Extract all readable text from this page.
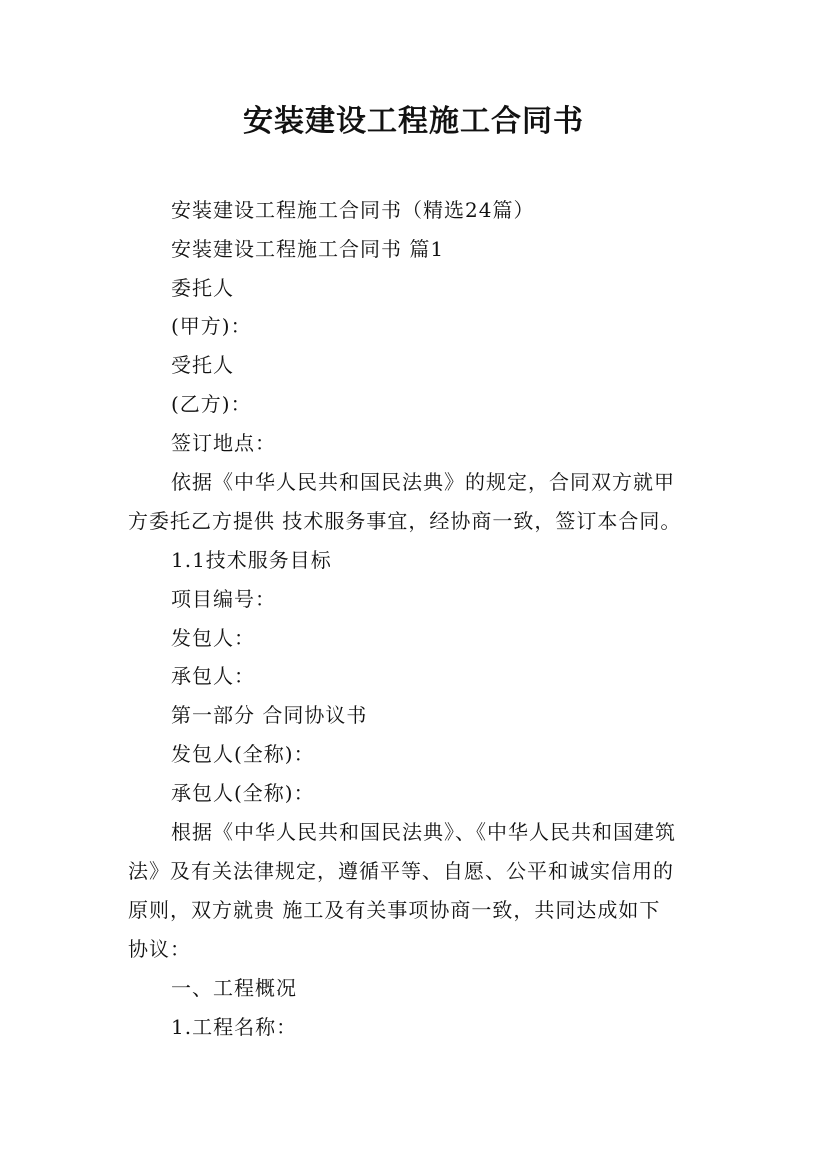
安装建设工程施工合同书
安装建设工程施工合同书（精选24篇）
安装建设工程施工合同书 篇1
委托人
(甲方)：
受托人
(乙方)：
签订地点：
依据《中华人民共和国民法典》的规定，合同双方就甲
方委托乙方提供 技术服务事宜，经协商一致，签订本合同。
1.1技术服务目标
项目编号：
发包人：
承包人：
第一部分 合同协议书
发包人(全称)：
承包人(全称)：
根据《中华人民共和国民法典》、《中华人民共和国建筑
法》及有关法律规定，遵循平等、自愿、公平和诚实信用的
原则，双方就贵 施工及有关事项协商一致，共同达成如下
协议：
一、工程概况
1.工程名称：
